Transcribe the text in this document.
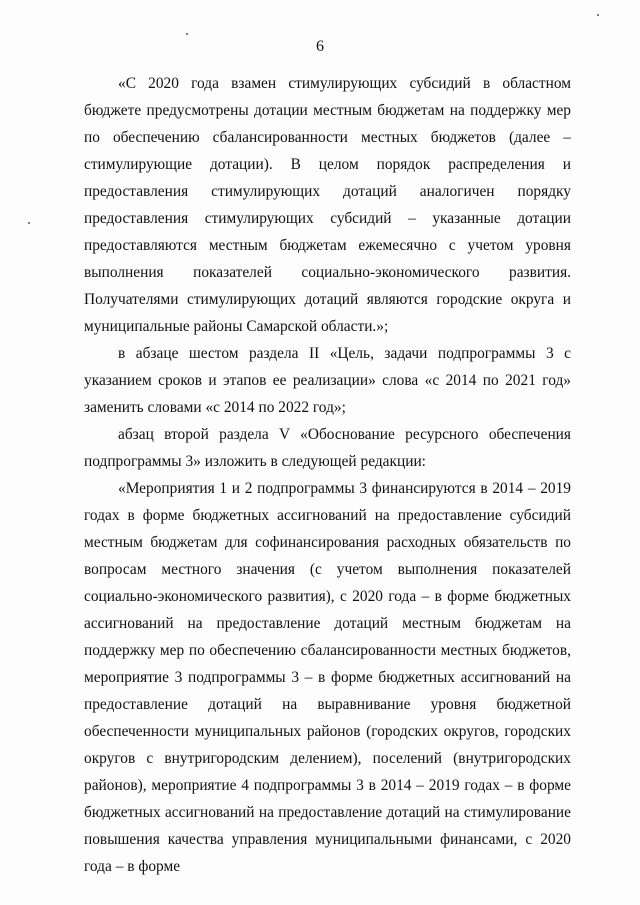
6

«С 2020 года взамен стимулирующих субсидий в областном бюджете предусмотрены дотации местным бюджетам на поддержку мер по обеспечению сбалансированности местных бюджетов (далее – стимулирующие дотации). В целом порядок распределения и предоставления стимулирующих дотаций аналогичен порядку предоставления стимулирующих субсидий – указанные дотации предоставляются местным бюджетам ежемесячно с учетом уровня выполнения показателей социально-экономического развития. Получателями стимулирующих дотаций являются городские округа и муниципальные районы Самарской области.»;

в абзаце шестом раздела II «Цель, задачи подпрограммы 3 с указанием сроков и этапов ее реализации» слова «с 2014 по 2021 год» заменить словами «с 2014 по 2022 год»;

абзац второй раздела V «Обоснование ресурсного обеспечения подпрограммы 3» изложить в следующей редакции:

«Мероприятия 1 и 2 подпрограммы 3 финансируются в 2014 – 2019 годах в форме бюджетных ассигнований на предоставление субсидий местным бюджетам для софинансирования расходных обязательств по вопросам местного значения (с учетом выполнения показателей социально-экономического развития), с 2020 года – в форме бюджетных ассигнований на предоставление дотаций местным бюджетам на поддержку мер по обеспечению сбалансированности местных бюджетов, мероприятие 3 подпрограммы 3 – в форме бюджетных ассигнований на предоставление дотаций на выравнивание уровня бюджетной обеспеченности муниципальных районов (городских округов, городских округов с внутригородским делением), поселений (внутригородских районов), мероприятие 4 подпрограммы 3 в 2014 – 2019 годах – в форме бюджетных ассигнований на предоставление дотаций на стимулирование повышения качества управления муниципальными финансами, с 2020 года – в форме
